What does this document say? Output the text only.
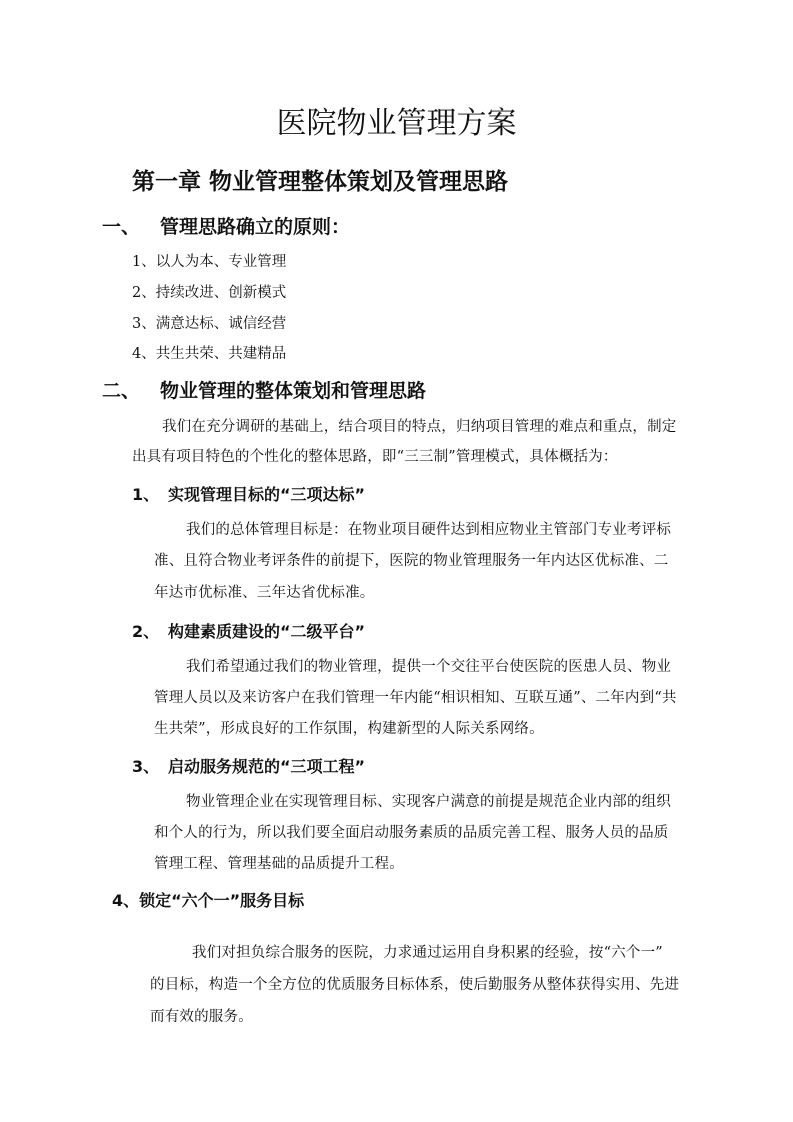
医院物业管理方案
第一章 物业管理整体策划及管理思路
一、 管理思路确立的原则：
1、以人为本、专业管理
2、持续改进、创新模式
3、满意达标、诚信经营
4、共生共荣、共建精品
二、 物业管理的整体策划和管理思路
我们在充分调研的基础上，结合项目的特点，归纳项目管理的难点和重点，制定
出具有项目特色的个性化的整体思路，即“三三制”管理模式，具体概括为：
1、 实现管理目标的“三项达标”
我们的总体管理目标是：在物业项目硬件达到相应物业主管部门专业考评标
准、且符合物业考评条件的前提下，医院的物业管理服务一年内达区优标准、二
年达市优标准、三年达省优标准。
2、 构建素质建设的“二级平台”
我们希望通过我们的物业管理，提供一个交往平台使医院的医患人员、物业
管理人员以及来访客户在我们管理一年内能“相识相知、互联互通”、二年内到“共
生共荣”，形成良好的工作氛围，构建新型的人际关系网络。
3、 启动服务规范的“三项工程”
物业管理企业在实现管理目标、实现客户满意的前提是规范企业内部的组织
和个人的行为，所以我们要全面启动服务素质的品质完善工程、服务人员的品质
管理工程、管理基础的品质提升工程。
4、锁定“六个一”服务目标
我们对担负综合服务的医院，力求通过运用自身积累的经验，按“六个一”
的目标，构造一个全方位的优质服务目标体系，使后勤服务从整体获得实用、先进
而有效的服务。
